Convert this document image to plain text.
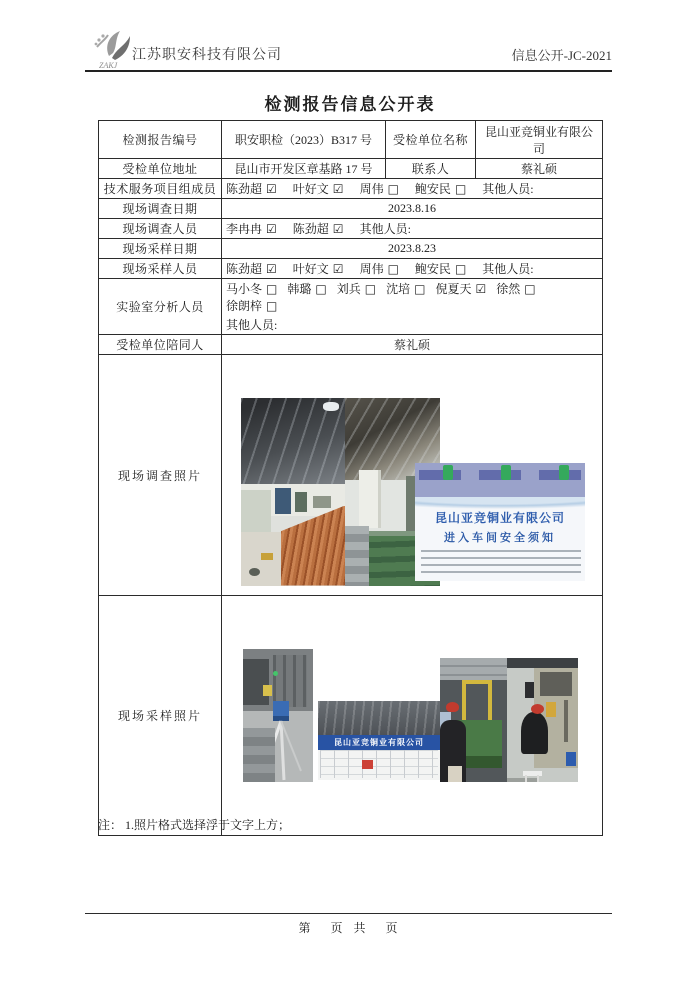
ZAKJ
江苏职安科技有限公司	信息公开-JC-2021
检测报告信息公开表
检测报告编号	职安职检（2023）B317 号	受检单位名称	昆山亚竞铜业有限公司
受检单位地址	昆山市开发区章基路 17 号	联系人	蔡礼硕
技术服务项目组成员	陈劲超 ☑ 叶好文 ☑ 周伟 □ 鲍安民 □ 其他人员:		
现场调查日期	2023.8.16		
现场调查人员	李冉冉 ☑ 陈劲超 ☑ 其他人员:		
现场采样日期	2023.8.23		
现场采样人员	陈劲超 ☑ 叶好文 ☑ 周伟 □ 鲍安民 □ 其他人员:		
实验室分析人员	马小冬 □ 韩璐 □ 刘兵 □ 沈培 □ 倪夏天 ☑ 徐然 □ 徐朗梓 □
其他人员:		

受检单位陪同人	蔡礼硕		
现场调查照片	昆山亚竞铜业有限公司
进入车间安全须知		

现场采样照片	昆山亚竞铜业有限公司		
注： 1.照片格式选择浮于文字上方；
第　页 共　页
